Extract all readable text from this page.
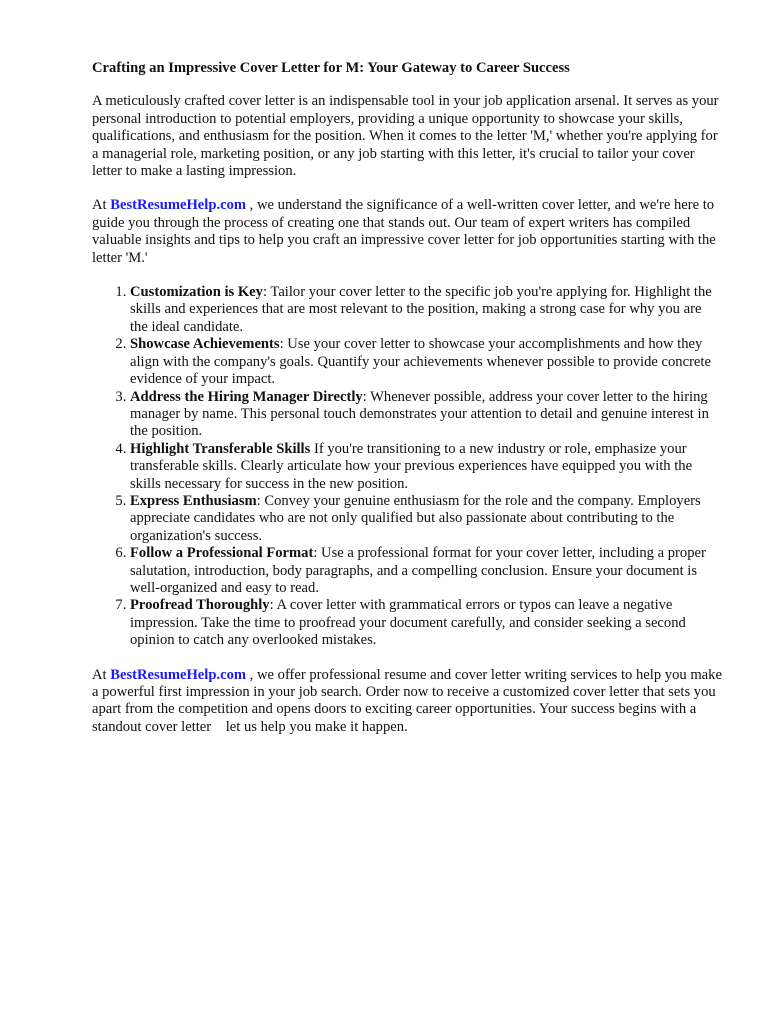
Crafting an Impressive Cover Letter for M: Your Gateway to Career Success

A meticulously crafted cover letter is an indispensable tool in your job application arsenal. It serves as your personal introduction to potential employers, providing a unique opportunity to showcase your skills, qualifications, and enthusiasm for the position. When it comes to the letter 'M,' whether you're applying for a managerial role, marketing position, or any job starting with this letter, it's crucial to tailor your cover letter to make a lasting impression.

At BestResumeHelp.com , we understand the significance of a well-written cover letter, and we're here to guide you through the process of creating one that stands out. Our team of expert writers has compiled valuable insights and tips to help you craft an impressive cover letter for job opportunities starting with the letter 'M.'

1. Customization is Key: Tailor your cover letter to the specific job you're applying for. Highlight the skills and experiences that are most relevant to the position, making a strong case for why you are the ideal candidate.
2. Showcase Achievements: Use your cover letter to showcase your accomplishments and how they align with the company's goals. Quantify your achievements whenever possible to provide concrete evidence of your impact.
3. Address the Hiring Manager Directly: Whenever possible, address your cover letter to the hiring manager by name. This personal touch demonstrates your attention to detail and genuine interest in the position.
4. Highlight Transferable Skills If you're transitioning to a new industry or role, emphasize your transferable skills. Clearly articulate how your previous experiences have equipped you with the skills necessary for success in the new position.
5. Express Enthusiasm: Convey your genuine enthusiasm for the role and the company. Employers appreciate candidates who are not only qualified but also passionate about contributing to the organization's success.
6. Follow a Professional Format: Use a professional format for your cover letter, including a proper salutation, introduction, body paragraphs, and a compelling conclusion. Ensure your document is well-organized and easy to read.
7. Proofread Thoroughly: A cover letter with grammatical errors or typos can leave a negative impression. Take the time to proofread your document carefully, and consider seeking a second opinion to catch any overlooked mistakes.

At BestResumeHelp.com , we offer professional resume and cover letter writing services to help you make a powerful first impression in your job search. Order now to receive a customized cover letter that sets you apart from the competition and opens doors to exciting career opportunities. Your success begins with a standout cover letter    let us help you make it happen.
